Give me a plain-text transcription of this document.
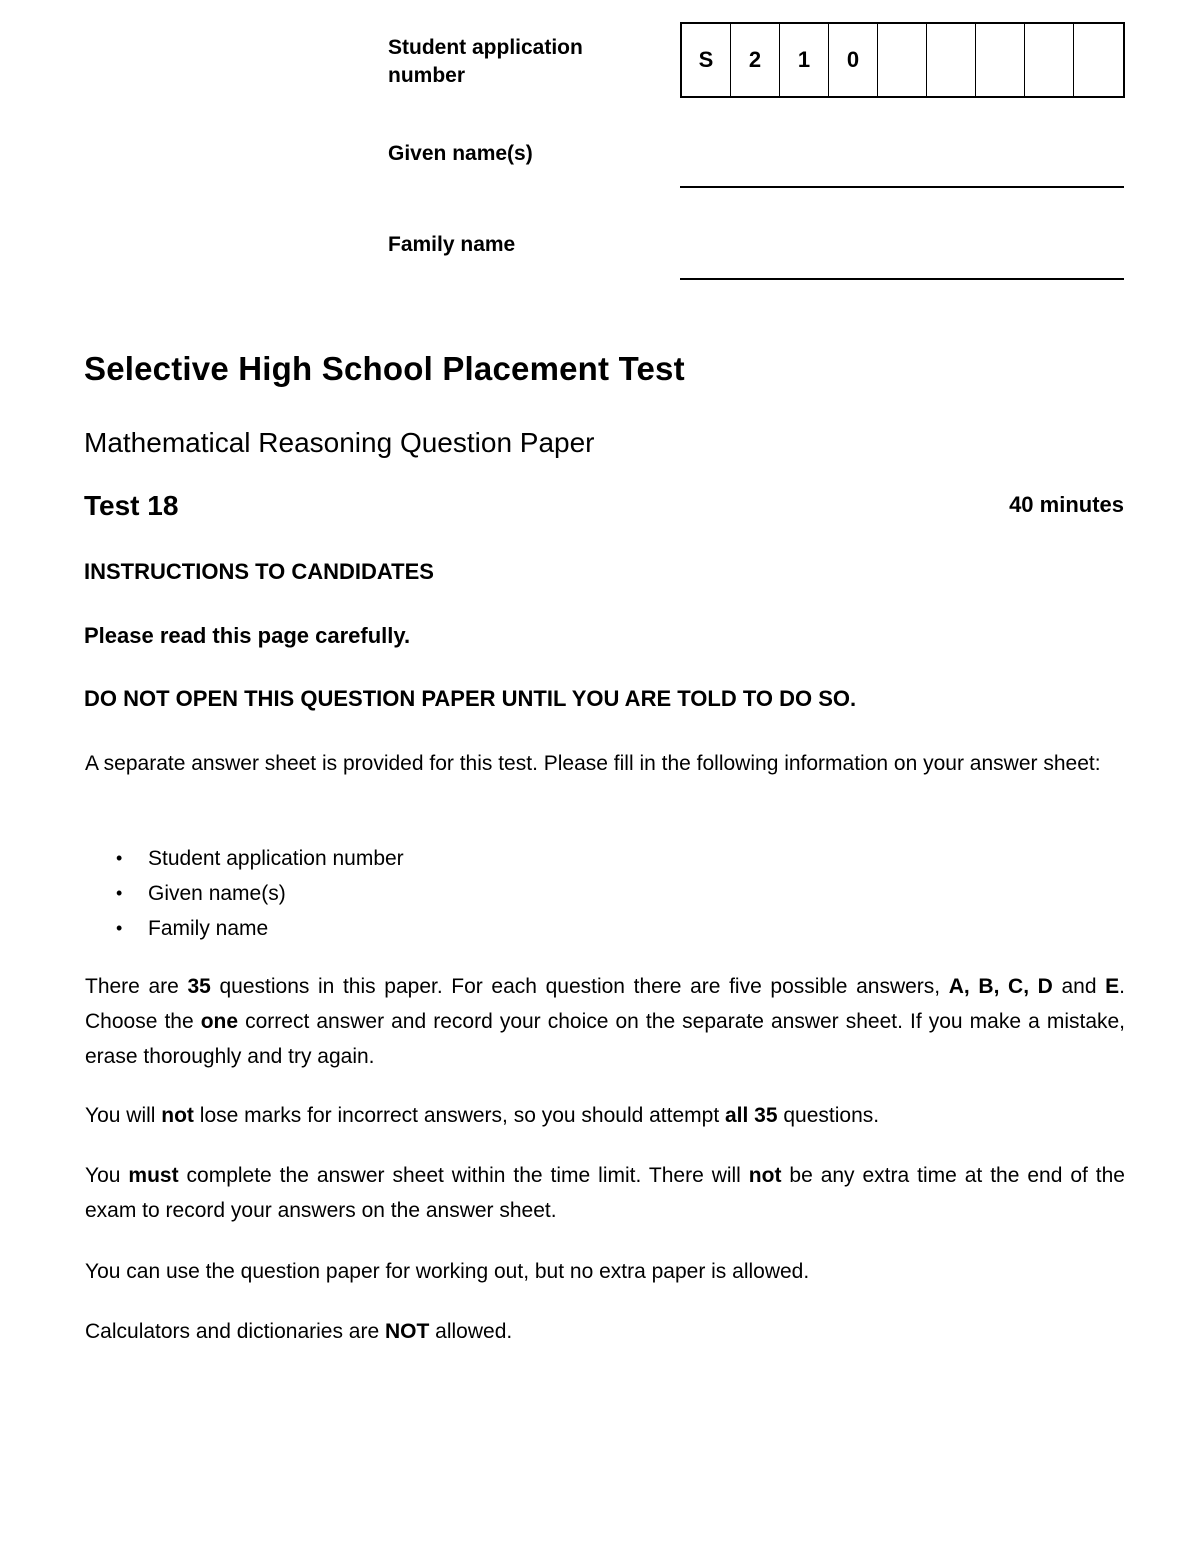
Student application number
S	2	1	0
Given name(s)
Family name
Selective High School Placement Test
Mathematical Reasoning Question Paper
Test 18	40 minutes
INSTRUCTIONS TO CANDIDATES
Please read this page carefully.
DO NOT OPEN THIS QUESTION PAPER UNTIL YOU ARE TOLD TO DO SO.

A separate answer sheet is provided for this test. Please fill in the following information on your answer sheet:

• Student application number
• Given name(s)
• Family name

There are 35 questions in this paper. For each question there are five possible answers, A, B, C, D and E. Choose the one correct answer and record your choice on the separate answer sheet. If you make a mistake, erase thoroughly and try again.

You will not lose marks for incorrect answers, so you should attempt all 35 questions.

You must complete the answer sheet within the time limit. There will not be any extra time at the end of the exam to record your answers on the answer sheet.

You can use the question paper for working out, but no extra paper is allowed.

Calculators and dictionaries are NOT allowed.
